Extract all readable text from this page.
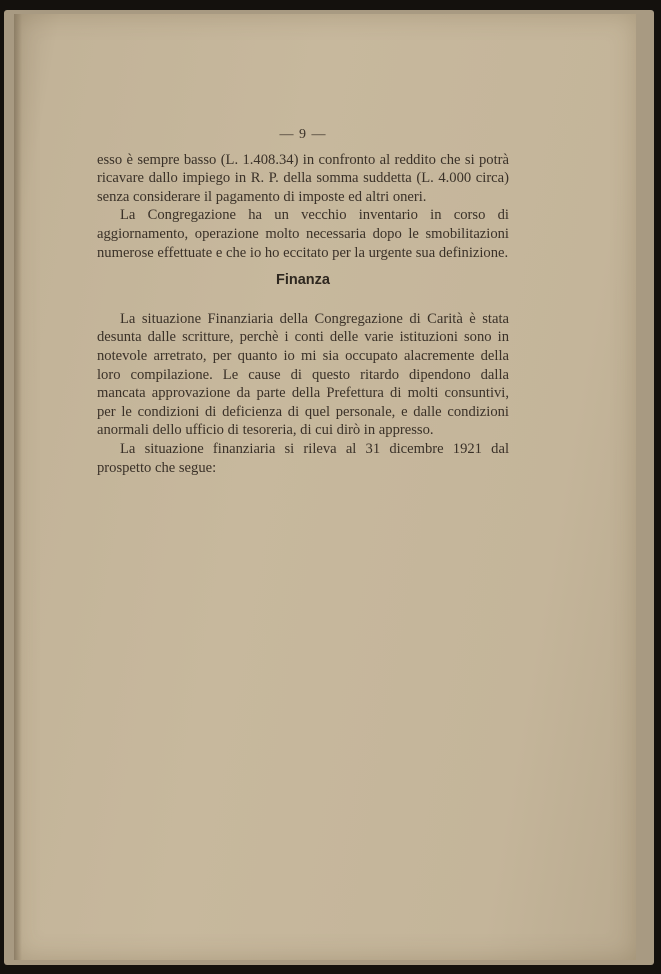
— 9 —

esso è sempre basso (L. 1.408.34) in confronto al reddito che si potrà ricavare dallo impiego in R. P. della somma suddetta (L. 4.000 circa) senza considerare il pagamento di imposte ed altri oneri.

La Congregazione ha un vecchio inventario in corso di aggiornamento, operazione molto necessaria dopo le smobilitazioni numerose effettuate e che io ho eccitato per la urgente sua definizione.

Finanza

La situazione Finanziaria della Congregazione di Carità è stata desunta dalle scritture, perchè i conti delle varie istituzioni sono in notevole arretrato, per quanto io mi sia occupato alacremente della loro compilazione. Le cause di questo ritardo dipendono dalla mancata approvazione da parte della Prefettura di molti consuntivi, per le condizioni di deficienza di quel personale, e dalle condizioni anormali dello ufficio di tesoreria, di cui dirò in appresso.

La situazione finanziaria si rileva al 31 dicembre 1921 dal prospetto che segue:
